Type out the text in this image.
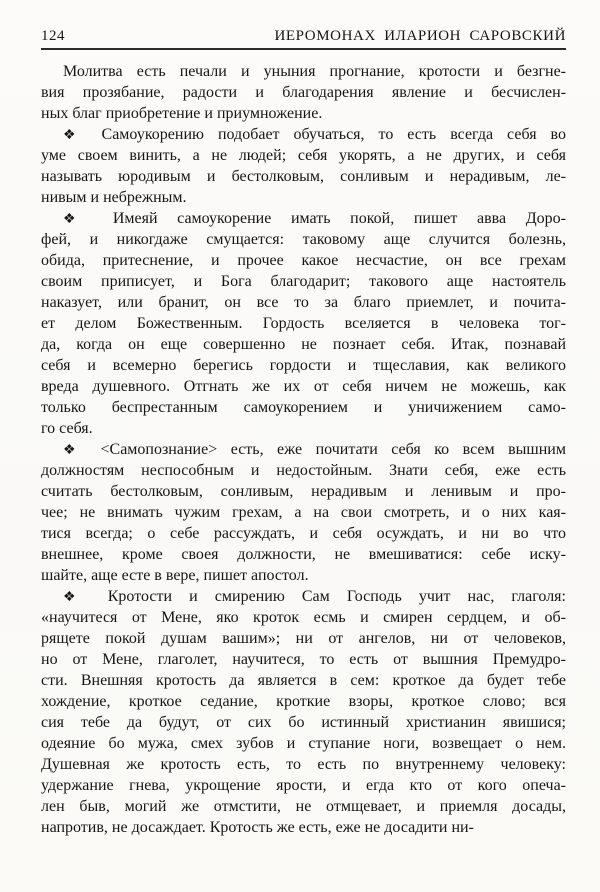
124	ИЕРОМОНАХ ИЛАРИОН САРОВСКИЙ
Молитва есть печали и уныния прогнание, кротости и безгне-
вия прозябание, радости и благодарения явление и бесчислен-
ных благ приобретение и приумножение.
❖ Самоукорению подобает обучаться, то есть всегда себя во
уме своем винить, а не людей; себя укорять, а не других, и себя
называть юродивым и бестолковым, сонливым и нерадивым, ле-
нивым и небрежным.
❖ Имеяй самоукорение имать покой, пишет авва Доро-
фей, и никогдаже смущается: таковому аще случится болезнь,
обида, притеснение, и прочее какое несчастие, он все грехам
своим приписует, и Бога благодарит; такового аще настоятель
наказует, или бранит, он все то за благо приемлет, и почита-
ет делом Божественным. Гордость вселяется в человека тог-
да, когда он еще совершенно не познает себя. Итак, познавай
себя и всемерно берегись гордости и тщеславия, как великого
вреда душевного. Отгнать же их от себя ничем не можешь, как
только беспрестанным самоукорением и уничижением само-
го себя.
❖ <Самопознание> есть, еже почитати себя ко всем вышним
должностям неспособным и недостойным. Знати себя, еже есть
считать бестолковым, сонливым, нерадивым и ленивым и про-
чее; не внимать чужим грехам, а на свои смотреть, и о них кая-
тися всегда; о себе рассуждать, и себя осуждать, и ни во что
внешнее, кроме своея должности, не вмешиватися: себе иску-
шайте, аще есте в вере, пишет апостол.
❖ Кротости и смирению Сам Господь учит нас, глаголя:
«научитеся от Мене, яко кроток есмь и смирен сердцем, и об-
рящете покой душам вашим»; ни от ангелов, ни от человеков,
но от Мене, глаголет, научитеся, то есть от вышния Премудро-
сти. Внешняя кротость да является в сем: кроткое да будет тебе
хождение, кроткое седание, кроткие взоры, кроткое слово; вся
сия тебе да будут, от сих бо истинный христианин явишися;
одеяние бо мужа, смех зубов и ступание ноги, возвещает о нем.
Душевная же кротость есть, то есть по внутреннему человеку:
удержание гнева, укрощение ярости, и егда кто от кого опеча-
лен быв, могий же отмстити, не отмщевает, и приемля досады,
напротив, не досаждает. Кротость же есть, еже не досадити ни-
